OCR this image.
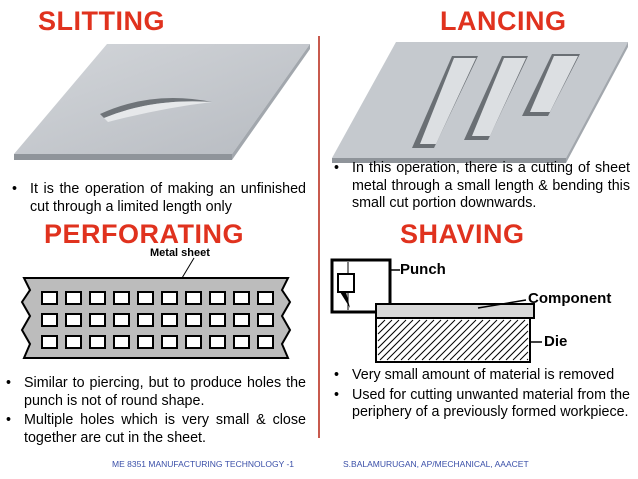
SLITTING	LANCING
PERFORATING	SHAVING
• It is the operation of making an unfinished cut through a limited length only
• In this operation, there is a cutting of sheet metal through a small length & bending this small cut portion downwards.
Metal sheet
• Similar to piercing, but to produce holes the punch is not of round shape.
• Multiple holes which is very small & close together are cut in the sheet.
Punch
Component
Die
• Very small amount of material is removed
• Used for cutting unwanted material from the periphery of a previously formed workpiece.
ME 8351 MANUFACTURING TECHNOLOGY -1	S.BALAMURUGAN, AP/MECHANICAL, AAACET
